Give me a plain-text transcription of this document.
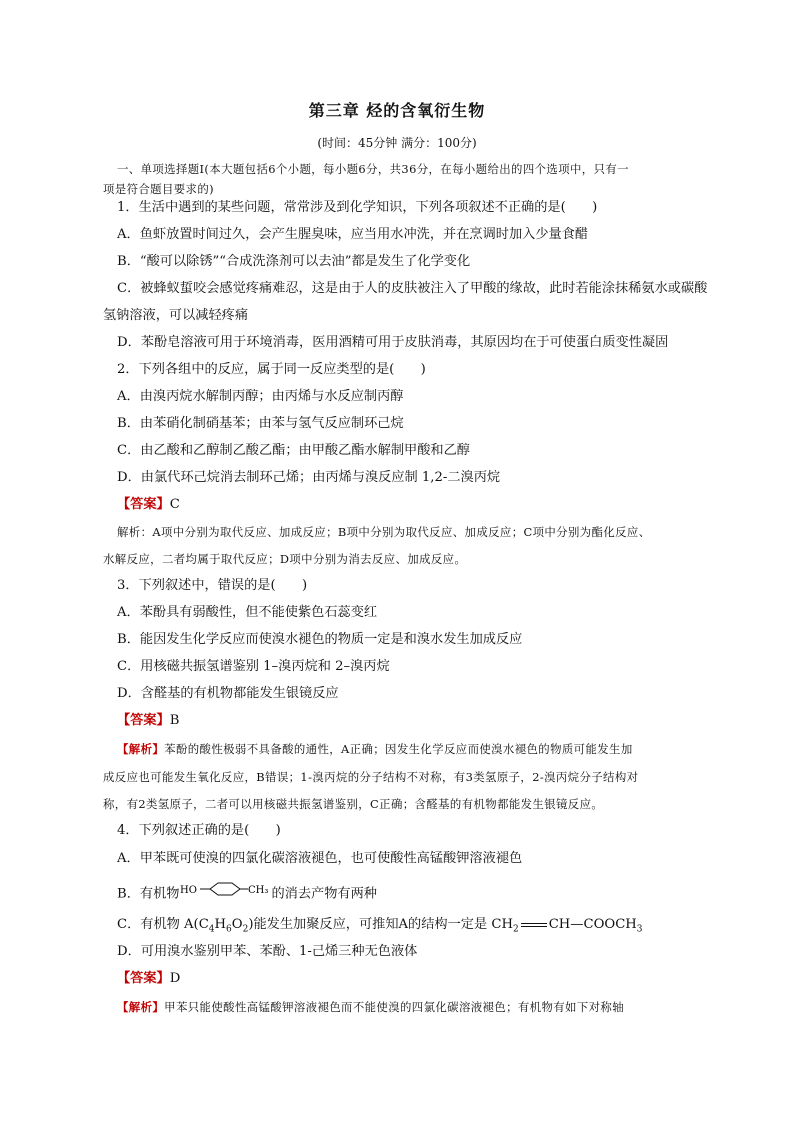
第三章 烃的含氧衍生物
(时间：45分钟 满分：100分)
一、单项选择题Ⅰ(本大题包括6个小题，每小题6分，共36分，在每小题给出的四个选项中，只有一
项是符合题目要求的)
1．生活中遇到的某些问题，常常涉及到化学知识，下列各项叙述不正确的是(　　)
A．鱼虾放置时间过久，会产生腥臭味，应当用水冲洗，并在烹调时加入少量食醋
B．“酸可以除锈”“合成洗涤剂可以去油”都是发生了化学变化
C．被蜂蚁蜇咬会感觉疼痛难忍，这是由于人的皮肤被注入了甲酸的缘故，此时若能涂抹稀氨水或碳酸
氢钠溶液，可以减轻疼痛
D．苯酚皂溶液可用于环境消毒，医用酒精可用于皮肤消毒，其原因均在于可使蛋白质变性凝固
2．下列各组中的反应，属于同一反应类型的是(　　)
A．由溴丙烷水解制丙醇；由丙烯与水反应制丙醇
B．由苯硝化制硝基苯；由苯与氢气反应制环己烷
C．由乙酸和乙醇制乙酸乙酯；由甲酸乙酯水解制甲酸和乙醇
D．由氯代环己烷消去制环己烯；由丙烯与溴反应制 1,2-二溴丙烷
【答案】C
解析：A项中分别为取代反应、加成反应；B项中分别为取代反应、加成反应；C项中分别为酯化反应、
水解反应，二者均属于取代反应；D项中分别为消去反应、加成反应。
3．下列叙述中，错误的是(　　)
A．苯酚具有弱酸性，但不能使紫色石蕊变红
B．能因发生化学反应而使溴水褪色的物质一定是和溴水发生加成反应
C．用核磁共振氢谱鉴别 1–溴丙烷和 2–溴丙烷
D．含醛基的有机物都能发生银镜反应
【答案】B
【解析】苯酚的酸性极弱不具备酸的通性，A正确；因发生化学反应而使溴水褪色的物质可能发生加
成反应也可能发生氧化反应，B错误；1-溴丙烷的分子结构不对称，有3类氢原子，2-溴丙烷分子结构对
称，有2类氢原子，二者可以用核磁共振氢谱鉴别，C正确；含醛基的有机物都能发生银镜反应。
4．下列叙述正确的是(　　)
A．甲苯既可使溴的四氯化碳溶液褪色，也可使酸性高锰酸钾溶液褪色
B．有机物 HO	CH₃ 的消去产物有两种
C．有机物 $A(C_4H_6O_2)$能发生加聚反应，可推知A的结构一定是 $CH_2$ $CH—COOCH_3$
D．可用溴水鉴别甲苯、苯酚、1-己烯三种无色液体
【答案】D
【解析】甲苯只能使酸性高锰酸钾溶液褪色而不能使溴的四氯化碳溶液褪色；有机物有如下对称轴
